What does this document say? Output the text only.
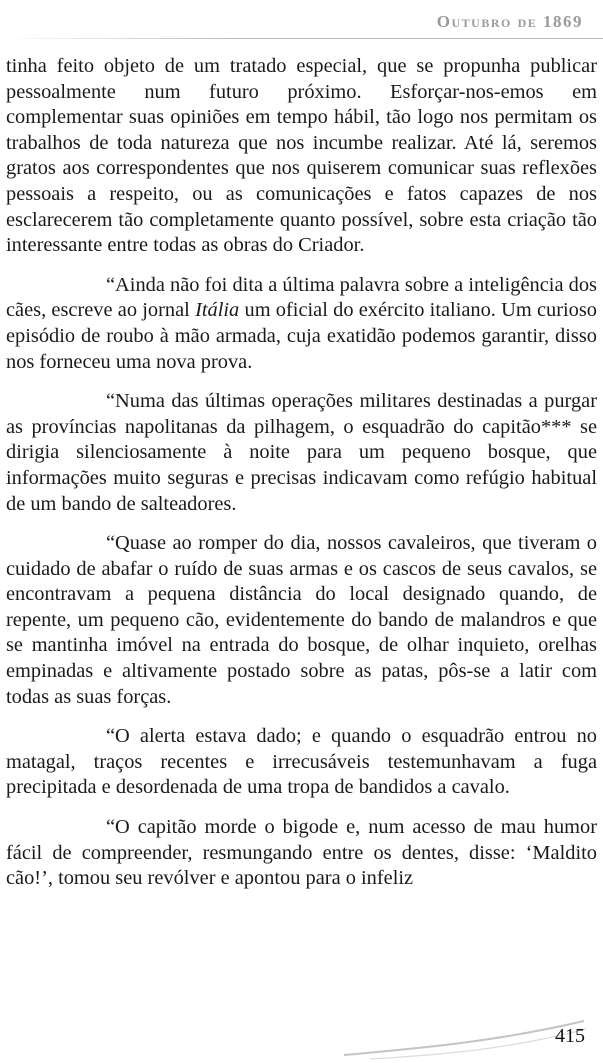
Outubro de 1869

tinha feito objeto de um tratado especial, que se propunha publicar pessoalmente num futuro próximo. Esforçar-nos-emos em complementar suas opiniões em tempo hábil, tão logo nos permitam os trabalhos de toda natureza que nos incumbe realizar. Até lá, seremos gratos aos correspondentes que nos quiserem comunicar suas reflexões pessoais a respeito, ou as comunicações e fatos capazes de nos esclarecerem tão completamente quanto possível, sobre esta criação tão interessante entre todas as obras do Criador.

“Ainda não foi dita a última palavra sobre a inteligência dos cães, escreve ao jornal Itália um oficial do exército italiano. Um curioso episódio de roubo à mão armada, cuja exatidão podemos garantir, disso nos forneceu uma nova prova.

“Numa das últimas operações militares destinadas a purgar as províncias napolitanas da pilhagem, o esquadrão do capitão*** se dirigia silenciosamente à noite para um pequeno bosque, que informações muito seguras e precisas indicavam como refúgio habitual de um bando de salteadores.

“Quase ao romper do dia, nossos cavaleiros, que tiveram o cuidado de abafar o ruído de suas armas e os cascos de seus cavalos, se encontravam a pequena distância do local designado quando, de repente, um pequeno cão, evidentemente do bando de malandros e que se mantinha imóvel na entrada do bosque, de olhar inquieto, orelhas empinadas e altivamente postado sobre as patas, pôs-se a latir com todas as suas forças.

“O alerta estava dado; e quando o esquadrão entrou no matagal, traços recentes e irrecusáveis testemunhavam a fuga precipitada e desordenada de uma tropa de bandidos a cavalo.

“O capitão morde o bigode e, num acesso de mau humor fácil de compreender, resmungando entre os dentes, disse: ‘Maldito cão!’, tomou seu revólver e apontou para o infeliz

415
